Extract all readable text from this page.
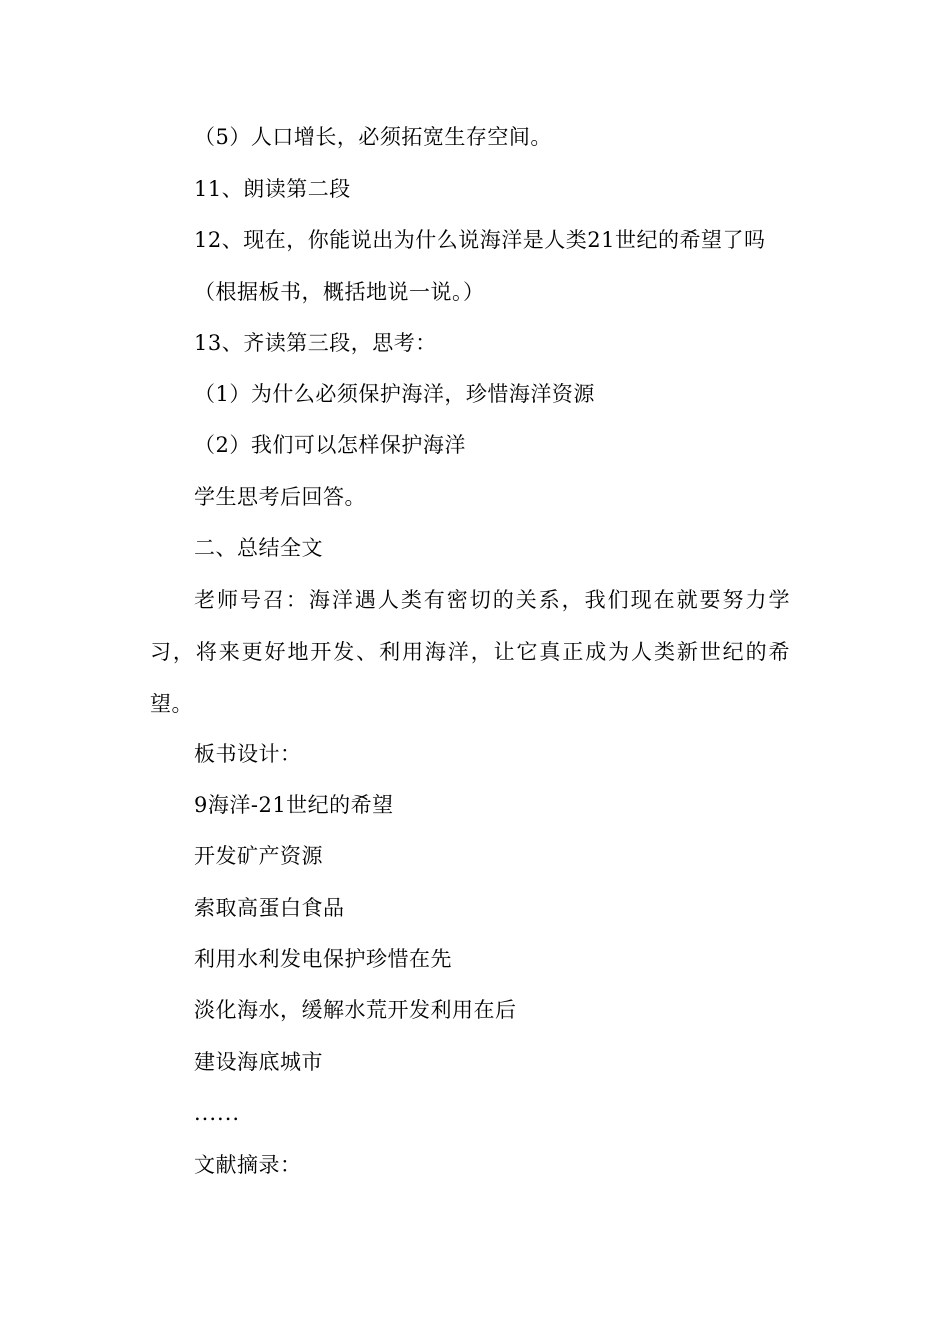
（5）人口增长，必须拓宽生存空间。
11、朗读第二段
12、现在，你能说出为什么说海洋是人类21世纪的希望了吗
（根据板书，概括地说一说。）
13、齐读第三段，思考：
（1）为什么必须保护海洋，珍惜海洋资源
（2）我们可以怎样保护海洋
学生思考后回答。
二、总结全文
老师号召：海洋遇人类有密切的关系，我们现在就要努力学习，将来更好地开发、利用海洋，让它真正成为人类新世纪的希望。
板书设计：
9海洋-21世纪的希望
开发矿产资源
索取高蛋白食品
利用水利发电保护珍惜在先
淡化海水，缓解水荒开发利用在后
建设海底城市
......
文献摘录：
